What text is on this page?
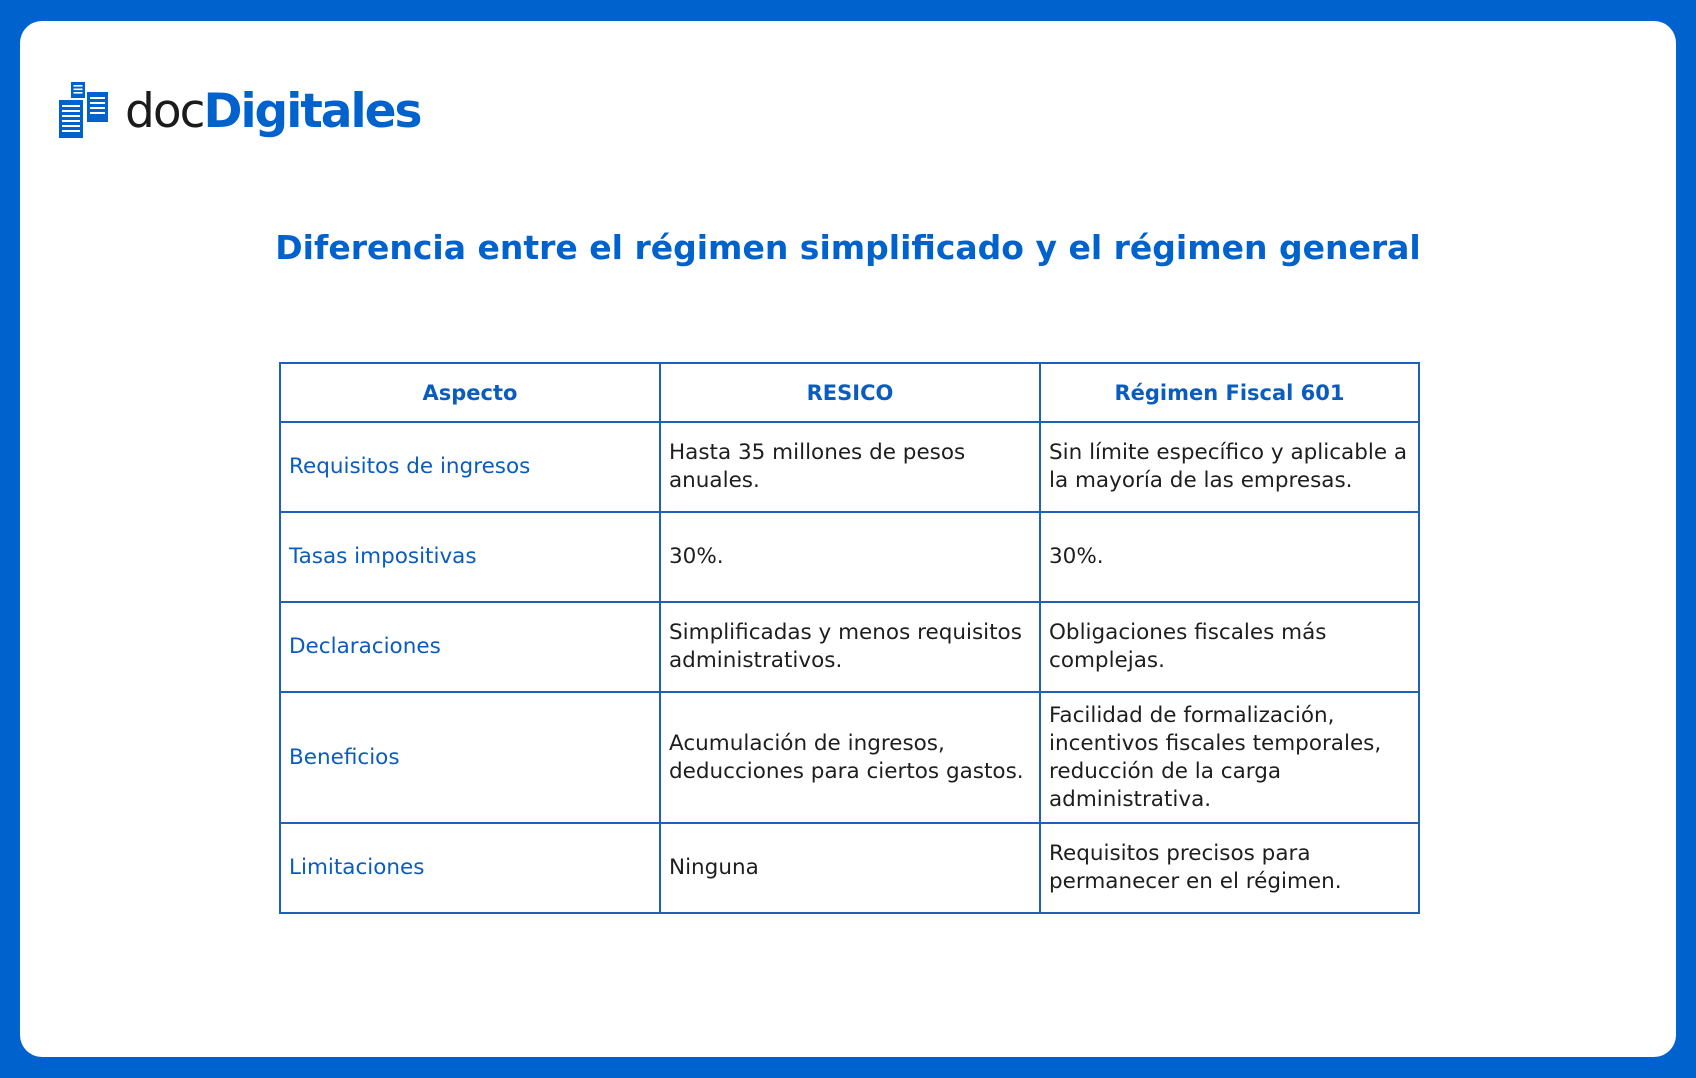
docDigitales
Diferencia entre el régimen simplificado y el régimen general
Aspecto	RESICO	Régimen Fiscal 601
Requisitos de ingresos	Hasta 35 millones de pesos anuales.	Sin límite específico y aplicable a la mayoría de las empresas.
Tasas impositivas	30%.	30%.
Declaraciones	Simplificadas y menos requisitos administrativos.	Obligaciones fiscales más complejas.
Beneficios	Acumulación de ingresos, deducciones para ciertos gastos.	Facilidad de formalización, incentivos fiscales temporales, reducción de la carga administrativa.
Limitaciones	Ninguna	Requisitos precisos para permanecer en el régimen.
